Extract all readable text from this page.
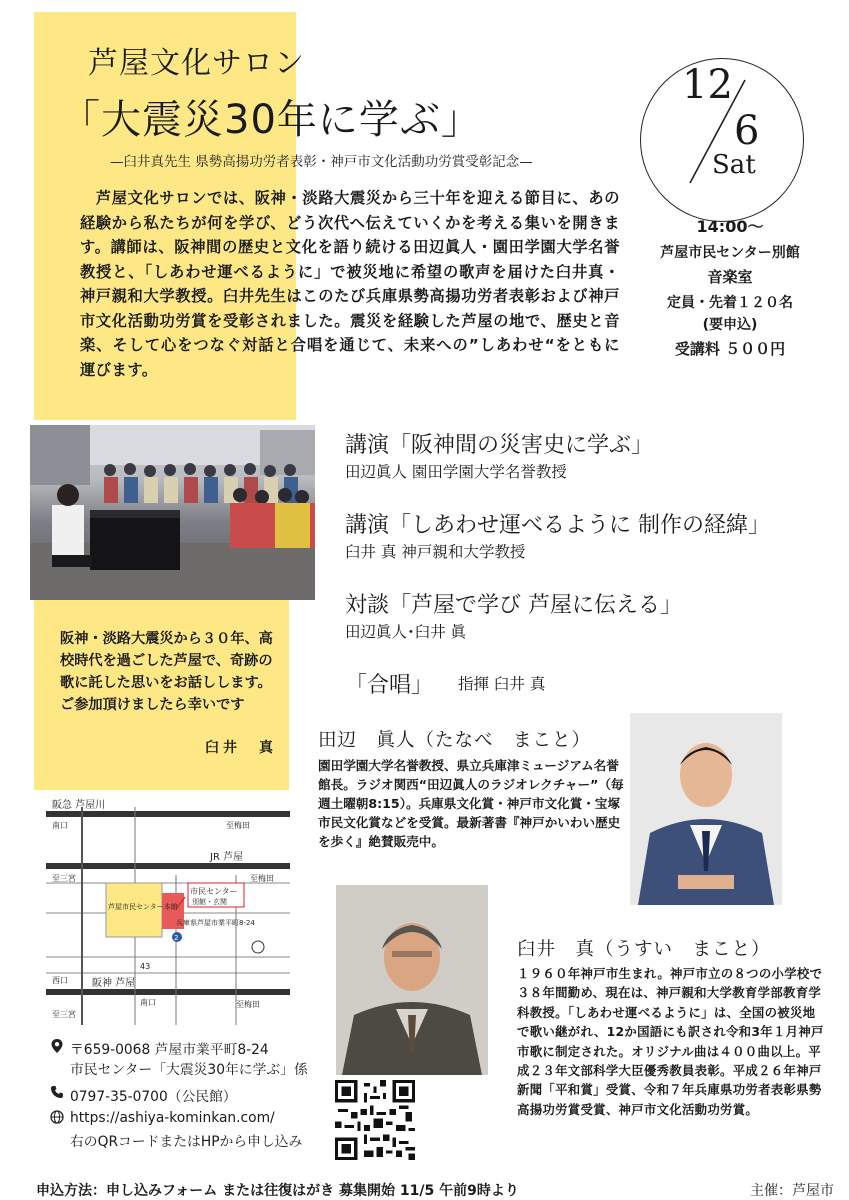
芦屋文化サロン
「大震災30年に学ぶ」
—臼井真先生 県勢高揚功労者表彰・神戸市文化活動功労賞受彰記念—
　芦屋文化サロンでは、阪神・淡路大震災から三十年を迎える節目に、あの経験から私たちが何を学び、どう次代へ伝えていくかを考える集いを開きます。講師は、阪神間の歴史と文化を語り続ける田辺眞人・園田学園大学名誉教授と、「しあわせ運べるように」で被災地に希望の歌声を届けた臼井真・神戸親和大学教授。臼井先生はこのたび兵庫県勢高揚功労者表彰および神戸市文化活動功労賞を受彰されました。震災を経験した芦屋の地で、歴史と音楽、そして心をつなぐ対話と合唱を通じて、未来への”しあわせ“をともに運びます。
12
6
Sat
14:00～
芦屋市民センター別館
音楽室
定員・先着１２０名
(要申込)
受講料 ５００円
阪神・淡路大震災から３０年、高校時代を過ごした芦屋で、奇跡の歌に託した思いをお話しします。ご参加頂けましたら幸いです
臼井　真
講演「阪神間の災害史に学ぶ」
田辺眞人 園田学園大学名誉教授
講演「しあわせ運べるように 制作の経緯」
臼井 真 神戸親和大学教授
対談「芦屋で学び 芦屋に伝える」
田辺眞人･臼井 眞
「合唱」 指揮 臼井 真
田辺　眞人（たなべ　まこと）
園田学園大学名誉教授、県立兵庫津ミュージアム名誉館長。ラジオ関西“田辺眞人のラジオレクチャー”（毎週土曜朝8:15）。兵庫県文化賞・神戸市文化賞・宝塚市民文化賞などを受賞。最新著書『神戸かいわい歴史を歩く』絶賛販売中。
臼井　真（うすい　まこと）
１９６０年神戸市生まれ。神戸市立の８つの小学校で３８年間勤め、現在は、神戸親和大学教育学部教育学科教授。「しあわせ運べるように」は、全国の被災地で歌い継がれ、12か国語にも訳され令和3年１月神戸市歌に制定された。オリジナル曲は４００曲以上。平成２３年文部科学大臣優秀教員表彰。平成２６年神戸新聞「平和賞」受賞、令和７年兵庫県功労者表彰県勢高揚功労賞受賞、神戸市文化活動功労賞。
阪急 芦屋川
南口	至梅田
JR 芦屋
至三宮	至梅田
市民センター
別館・玄関
芦屋市民センター本館
兵庫県芦屋市業平町8-24
2
43
西口 阪神 芦屋
南口
至三宮
至梅田
〒659-0068 芦屋市業平町8-24
市民センター「大震災30年に学ぶ」係
0797-35-0700（公民館）
https://ashiya-kominkan.com/
右のQRコードまたはHPから申し込み
申込方法：申し込みフォーム または往復はがき 募集開始 11/5 午前9時より	主催：芦屋市
